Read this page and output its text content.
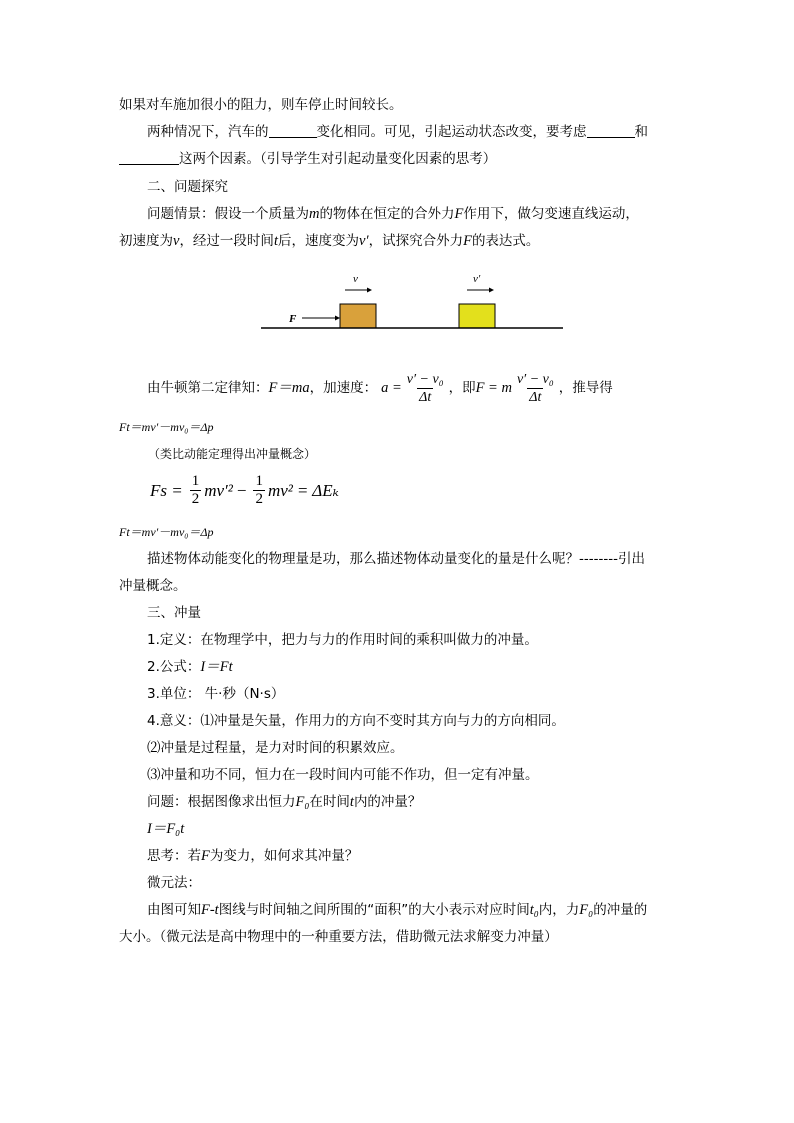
如果对车施加很小的阻力，则车停止时间较长。
两种情况下，汽车的	变化相同。可见，引起运动状态改变，要考虑	和
这两个因素。（引导学生对引起动量变化因素的思考）
二、问题探究
问题情景：假设一个质量为m的物体在恒定的合外力F作用下，做匀变速直线运动，
初速度为v，经过一段时间t后，速度变为v′，试探究合外力F的表达式。
v	v′
F
由牛顿第二定律知： F＝ma ，加速度： $a = \frac{\text{v′ − v₀}}{\Delta t}$ ，即 F = m $\frac{\text{v′ − v₀}}{\Delta t}$ ，推导得
Ft＝mv′－mv₀＝Δp
（类比动能定理得出冲量概念）
$Fs = \frac{1}{2} mv'^2 - \frac{1}{2} mv^2 = \Delta E_k$
Ft＝mv′－mv₀＝Δp
描述物体动能变化的物理量是功，那么描述物体动量变化的量是什么呢？--------引出
冲量概念。
三、冲量
1.定义：在物理学中，把力与力的作用时间的乘积叫做力的冲量。
2.公式：I＝Ft
3.单位： 牛·秒（N·s）
4.意义：⑴冲量是矢量，作用力的方向不变时其方向与力的方向相同。
⑵冲量是过程量，是力对时间的积累效应。
⑶冲量和功不同，恒力在一段时间内可能不作功，但一定有冲量。
问题：根据图像求出恒力F₀在时间t内的冲量？
I＝F₀t
思考：若F为变力，如何求其冲量？
微元法：
由图可知F-t图线与时间轴之间所围的“面积”的大小表示对应时间t₀内，力F₀的冲量的
大小。（微元法是高中物理中的一种重要方法，借助微元法求解变力冲量）
